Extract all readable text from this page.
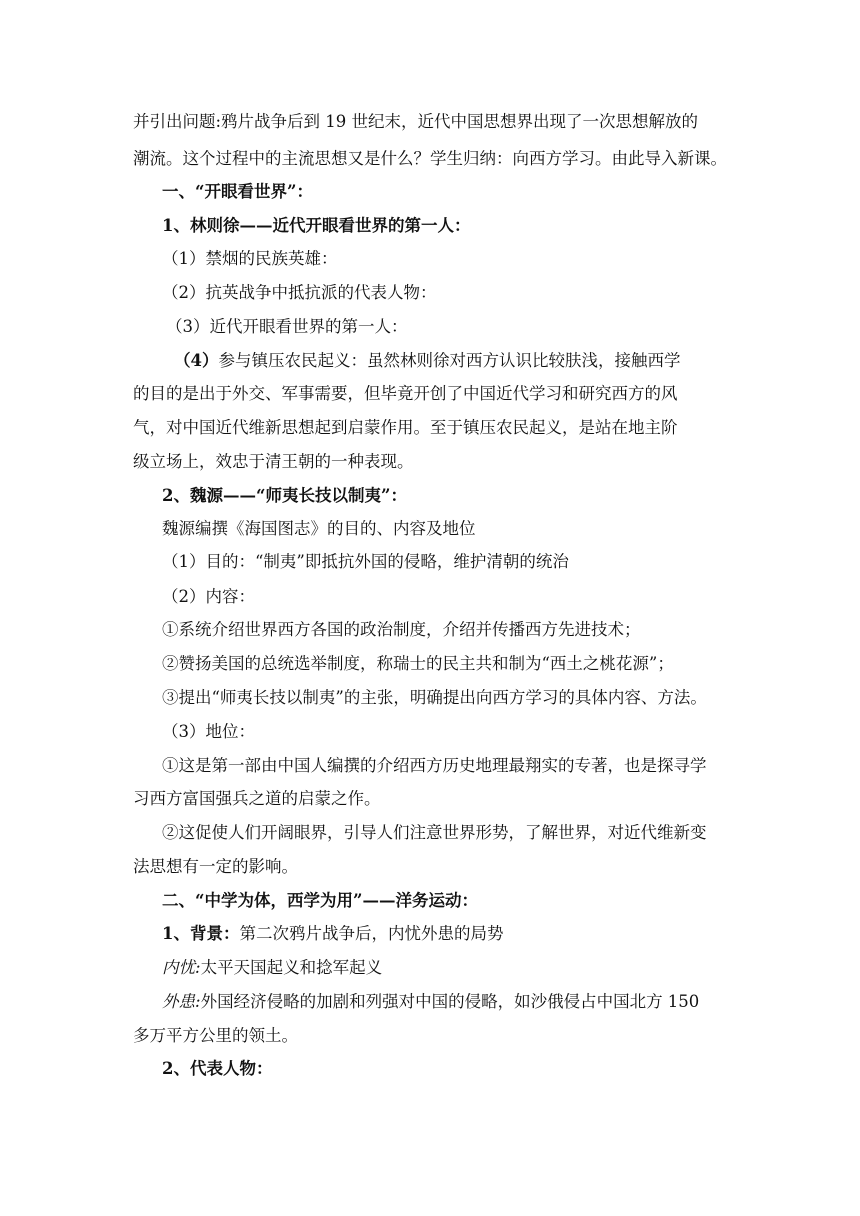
并引出问题:鸦片战争后到 19 世纪末，近代中国思想界出现了一次思想解放的
潮流。这个过程中的主流思想又是什么？学生归纳：向西方学习。由此导入新课。
一、“开眼看世界”：
1、林则徐——近代开眼看世界的第一人：
（1）禁烟的民族英雄：
（2）抗英战争中抵抗派的代表人物：
（3）近代开眼看世界的第一人：
（4）参与镇压农民起义：虽然林则徐对西方认识比较肤浅，接触西学
的目的是出于外交、军事需要，但毕竟开创了中国近代学习和研究西方的风
气，对中国近代维新思想起到启蒙作用。至于镇压农民起义，是站在地主阶
级立场上，效忠于清王朝的一种表现。
2、魏源——“师夷长技以制夷”：
魏源编撰《海国图志》的目的、内容及地位
（1）目的：“制夷”即抵抗外国的侵略，维护清朝的统治
（2）内容：
①系统介绍世界西方各国的政治制度，介绍并传播西方先进技术；
②赞扬美国的总统选举制度，称瑞士的民主共和制为“西土之桃花源”；
③提出“师夷长技以制夷”的主张，明确提出向西方学习的具体内容、方法。
（3）地位：
①这是第一部由中国人编撰的介绍西方历史地理最翔实的专著，也是探寻学
习西方富国强兵之道的启蒙之作。
②这促使人们开阔眼界，引导人们注意世界形势，了解世界，对近代维新变
法思想有一定的影响。
二、“中学为体，西学为用”——洋务运动：
1、背景：第二次鸦片战争后，内忧外患的局势
内忧:太平天国起义和捻军起义
外患:外国经济侵略的加剧和列强对中国的侵略，如沙俄侵占中国北方 150
多万平方公里的领土。
2、代表人物：
